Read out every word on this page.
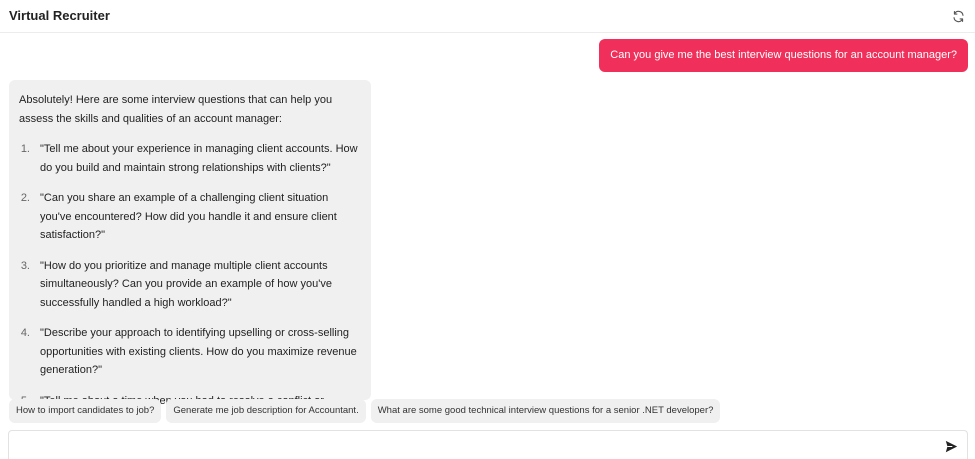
Virtual Recruiter
Can you give me the best interview questions for an account manager?
Absolutely! Here are some interview questions that can help you assess the skills and qualities of an account manager:
1. "Tell me about your experience in managing client accounts. How do you build and maintain strong relationships with clients?"
2. "Can you share an example of a challenging client situation you've encountered? How did you handle it and ensure client satisfaction?"
3. "How do you prioritize and manage multiple client accounts simultaneously? Can you provide an example of how you've successfully handled a high workload?"
4. "Describe your approach to identifying upselling or cross-selling opportunities with existing clients. How do you maximize revenue generation?"
How to import candidates to job?	Generate me job description for Accountant.	What are some good technical interview questions for a senior .NET developer?
